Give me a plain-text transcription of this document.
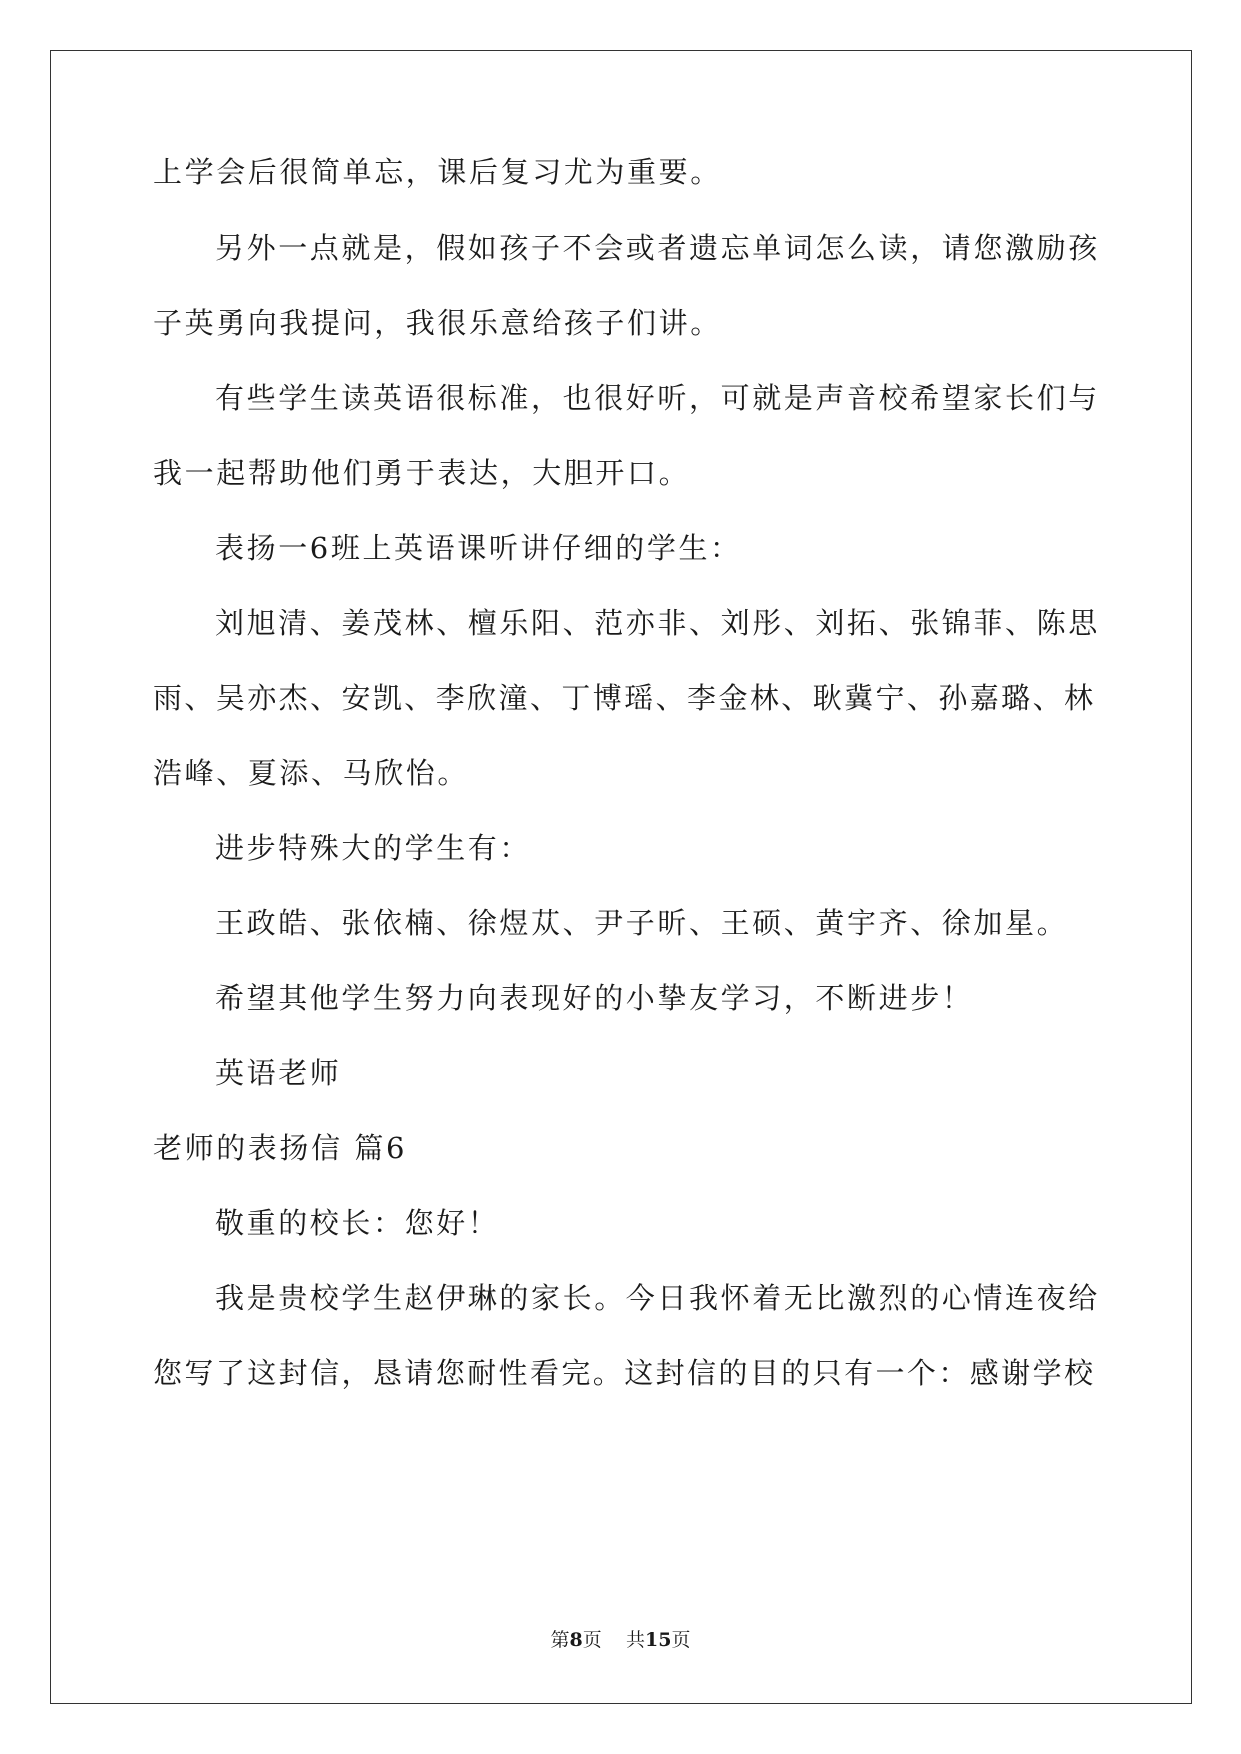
上学会后很简单忘，课后复习尤为重要。
另外一点就是，假如孩子不会或者遗忘单词怎么读，请您激励孩
子英勇向我提问，我很乐意给孩子们讲。
有些学生读英语很标准，也很好听，可就是声音校希望家长们与
我一起帮助他们勇于表达，大胆开口。
表扬一6班上英语课听讲仔细的学生：
刘旭清、姜茂林、檀乐阳、范亦非、刘彤、刘拓、张锦菲、陈思
雨、吴亦杰、安凯、李欣潼、丁博瑶、李金林、耿冀宁、孙嘉璐、林
浩峰、夏添、马欣怡。
进步特殊大的学生有：
王政皓、张依楠、徐煜苁、尹子昕、王硕、黄宇齐、徐加星。
希望其他学生努力向表现好的小挚友学习，不断进步！
英语老师
老师的表扬信 篇6
敬重的校长：您好！
我是贵校学生赵伊琳的家长。今日我怀着无比激烈的心情连夜给
您写了这封信，恳请您耐性看完。这封信的目的只有一个：感谢学校
第8页 共15页
